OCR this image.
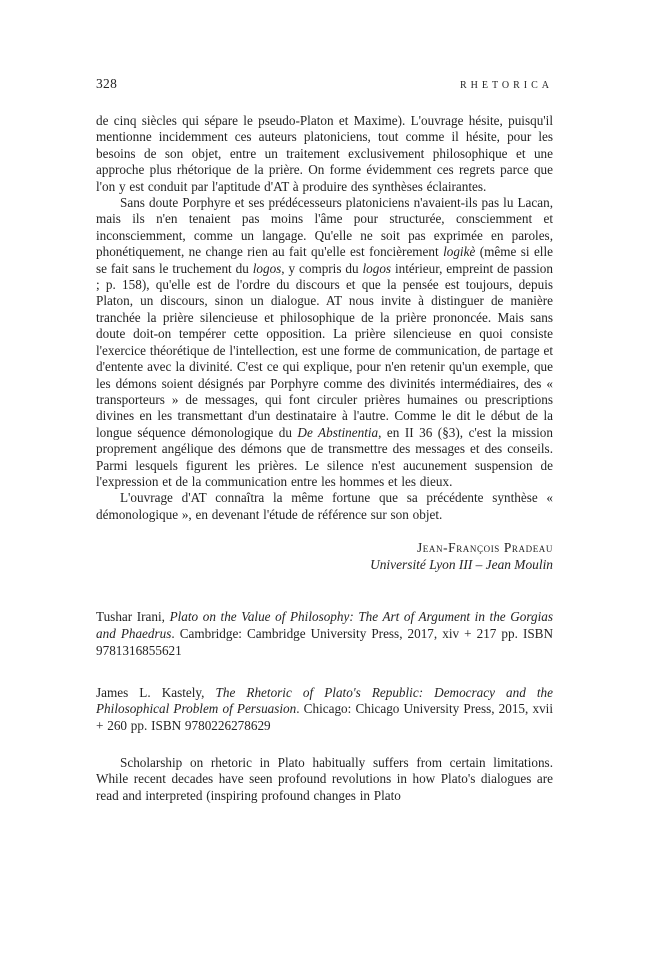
328	RHETORICA

de cinq siècles qui sépare le pseudo-Platon et Maxime). L'ouvrage hésite, puisqu'il mentionne incidemment ces auteurs platoniciens, tout comme il hésite, pour les besoins de son objet, entre un traitement exclusivement philosophique et une approche plus rhétorique de la prière. On forme évidemment ces regrets parce que l'on y est conduit par l'aptitude d'AT à produire des synthèses éclairantes.

Sans doute Porphyre et ses prédécesseurs platoniciens n'avaient-ils pas lu Lacan, mais ils n'en tenaient pas moins l'âme pour structurée, consciemment et inconsciemment, comme un langage. Qu'elle ne soit pas exprimée en paroles, phonétiquement, ne change rien au fait qu'elle est foncièrement logikè (même si elle se fait sans le truchement du logos, y compris du logos intérieur, empreint de passion ; p. 158), qu'elle est de l'ordre du discours et que la pensée est toujours, depuis Platon, un discours, sinon un dialogue. AT nous invite à distinguer de manière tranchée la prière silencieuse et philosophique de la prière prononcée. Mais sans doute doit-on tempérer cette opposition. La prière silencieuse en quoi consiste l'exercice théorétique de l'intellection, est une forme de communication, de partage et d'entente avec la divinité. C'est ce qui explique, pour n'en retenir qu'un exemple, que les démons soient désignés par Porphyre comme des divinités intermédiaires, des « transporteurs » de messages, qui font circuler prières humaines ou prescriptions divines en les transmettant d'un destinataire à l'autre. Comme le dit le début de la longue séquence démonologique du De Abstinentia, en II 36 (§3), c'est la mission proprement angélique des démons que de transmettre des messages et des conseils. Parmi lesquels figurent les prières. Le silence n'est aucunement suspension de l'expression et de la communication entre les hommes et les dieux.

L'ouvrage d'AT connaîtra la même fortune que sa précédente synthèse « démonologique », en devenant l'étude de référence sur son objet.

Jean-François Pradeau
Université Lyon III – Jean Moulin

Tushar Irani, Plato on the Value of Philosophy: The Art of Argument in the Gorgias and Phaedrus. Cambridge: Cambridge University Press, 2017, xiv + 217 pp. ISBN 9781316855621

James L. Kastely, The Rhetoric of Plato's Republic: Democracy and the Philosophical Problem of Persuasion. Chicago: Chicago University Press, 2015, xvii + 260 pp. ISBN 9780226278629

Scholarship on rhetoric in Plato habitually suffers from certain limitations. While recent decades have seen profound revolutions in how Plato's dialogues are read and interpreted (inspiring profound changes in Plato
